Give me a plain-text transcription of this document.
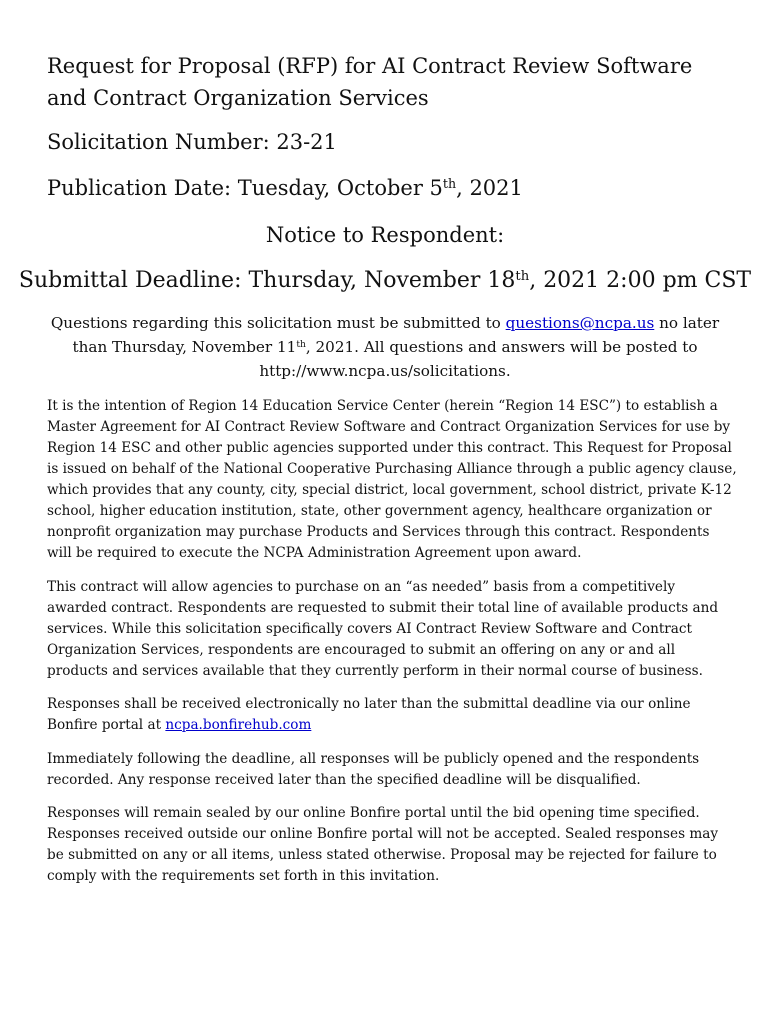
Request for Proposal (RFP) for AI Contract Review Software and Contract Organization Services
Solicitation Number: 23-21
Publication Date: Tuesday, October 5th, 2021
Notice to Respondent:
Submittal Deadline: Thursday, November 18th, 2021 2:00 pm CST
Questions regarding this solicitation must be submitted to questions@ncpa.us no later
than Thursday, November 11th, 2021. All questions and answers will be posted to
http://www.ncpa.us/solicitations.

It is the intention of Region 14 Education Service Center (herein “Region 14 ESC”) to establish a Master Agreement for AI Contract Review Software and Contract Organization Services for use by Region 14 ESC and other public agencies supported under this contract. This Request for Proposal is issued on behalf of the National Cooperative Purchasing Alliance through a public agency clause, which provides that any county, city, special district, local government, school district, private K-12 school, higher education institution, state, other government agency, healthcare organization or nonprofit organization may purchase Products and Services through this contract. Respondents will be required to execute the NCPA Administration Agreement upon award.

This contract will allow agencies to purchase on an “as needed” basis from a competitively awarded contract. Respondents are requested to submit their total line of available products and services. While this solicitation specifically covers AI Contract Review Software and Contract Organization Services, respondents are encouraged to submit an offering on any or and all products and services available that they currently perform in their normal course of business.

Responses shall be received electronically no later than the submittal deadline via our online Bonfire portal at ncpa.bonfirehub.com

Immediately following the deadline, all responses will be publicly opened and the respondents recorded. Any response received later than the specified deadline will be disqualified.

Responses will remain sealed by our online Bonfire portal until the bid opening time specified. Responses received outside our online Bonfire portal will not be accepted. Sealed responses may be submitted on any or all items, unless stated otherwise. Proposal may be rejected for failure to comply with the requirements set forth in this invitation.
